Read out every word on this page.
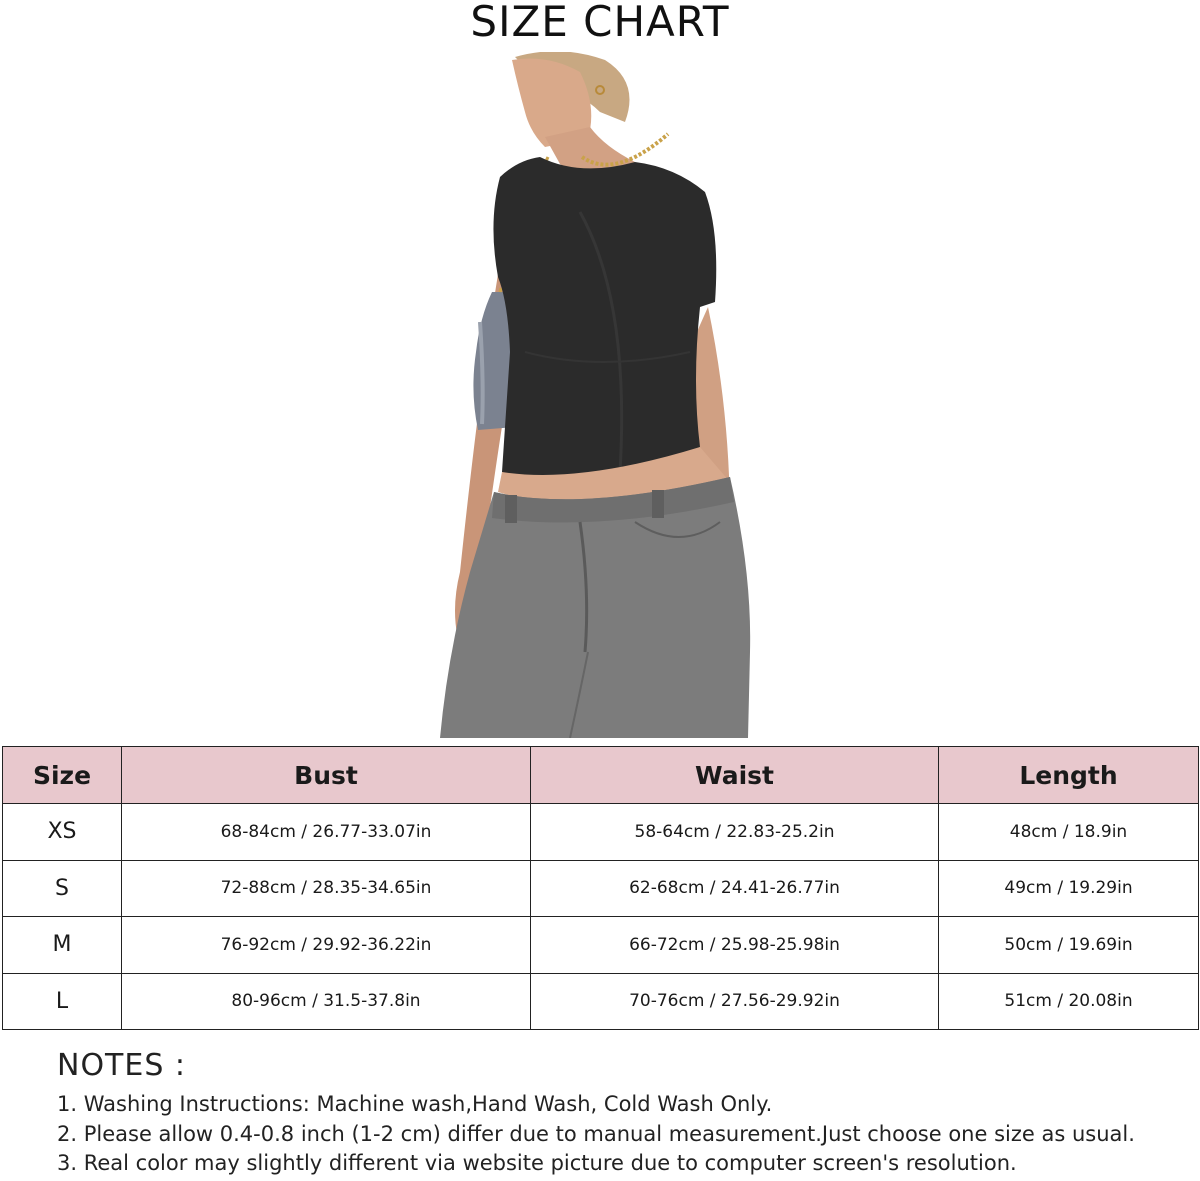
SIZE CHART
Size	Bust	Waist	Length
XS	68-84cm / 26.77-33.07in	58-64cm / 22.83-25.2in	48cm / 18.9in
S	72-88cm / 28.35-34.65in	62-68cm / 24.41-26.77in	49cm / 19.29in
M	76-92cm / 29.92-36.22in	66-72cm / 25.98-25.98in	50cm / 19.69in
L	80-96cm / 31.5-37.8in	70-76cm / 27.56-29.92in	51cm / 20.08in
NOTES :
1. Washing Instructions: Machine wash,Hand Wash, Cold Wash Only.
2. Please allow 0.4-0.8 inch (1-2 cm) differ due to manual measurement.Just choose one size as usual.
3. Real color may slightly different via website picture due to computer screen's resolution.
